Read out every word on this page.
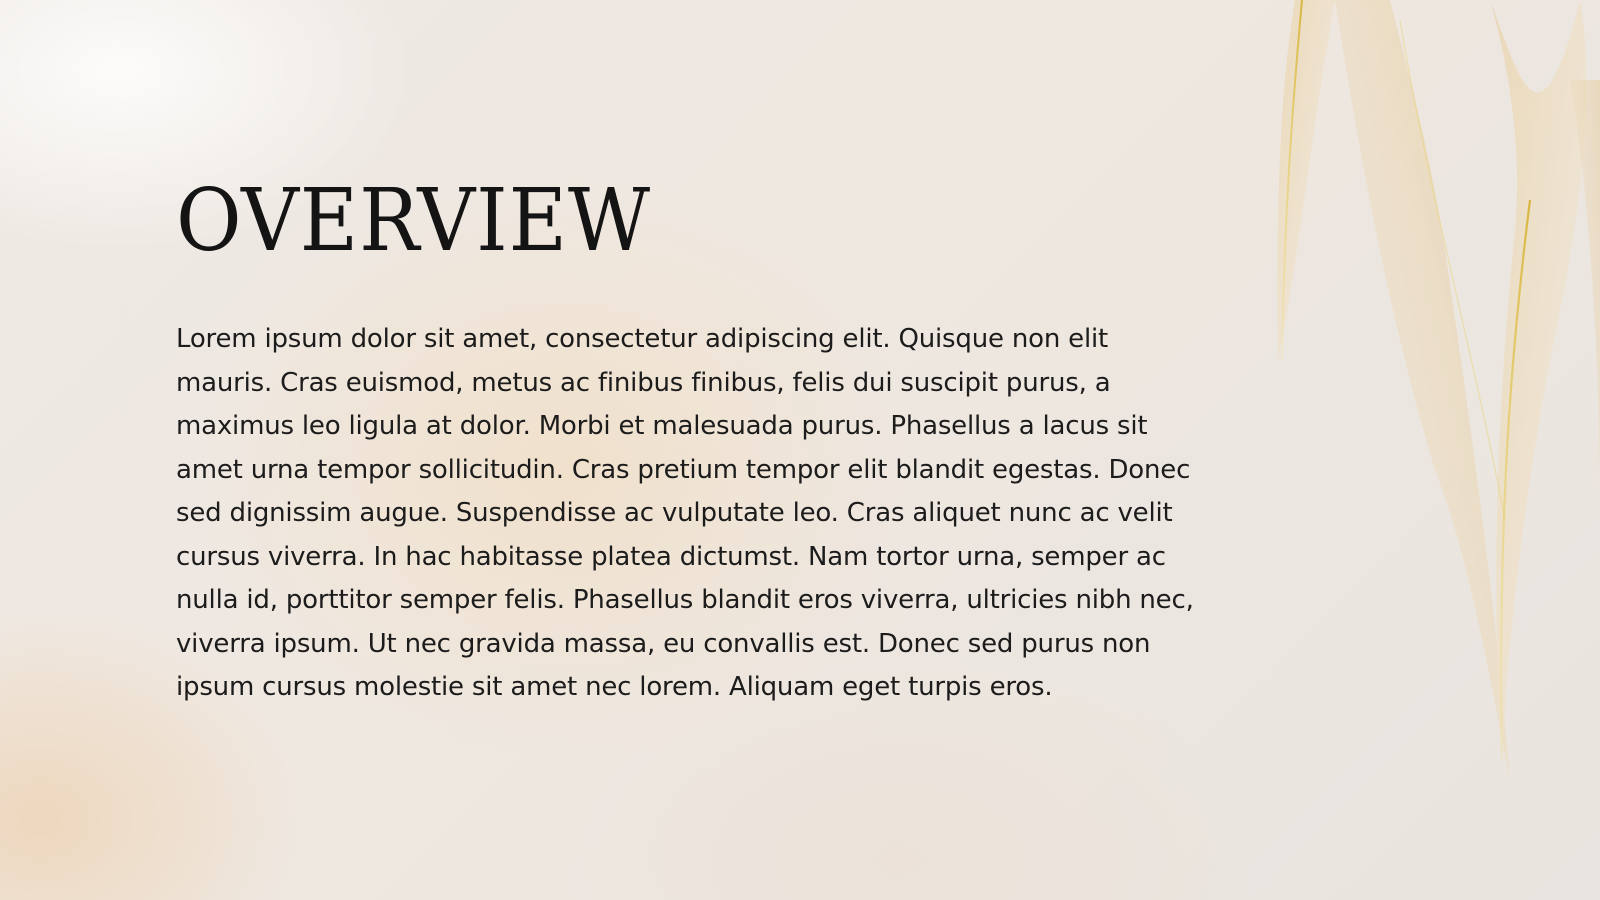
OVERVIEW

Lorem ipsum dolor sit amet, consectetur adipiscing elit. Quisque non elit mauris. Cras euismod, metus ac finibus finibus, felis dui suscipit purus, a maximus leo ligula at dolor. Morbi et malesuada purus. Phasellus a lacus sit amet urna tempor sollicitudin. Cras pretium tempor elit blandit egestas. Donec sed dignissim augue. Suspendisse ac vulputate leo. Cras aliquet nunc ac velit cursus viverra. In hac habitasse platea dictumst. Nam tortor urna, semper ac nulla id, porttitor semper felis. Phasellus blandit eros viverra, ultricies nibh nec, viverra ipsum. Ut nec gravida massa, eu convallis est. Donec sed purus non ipsum cursus molestie sit amet nec lorem. Aliquam eget turpis eros.
